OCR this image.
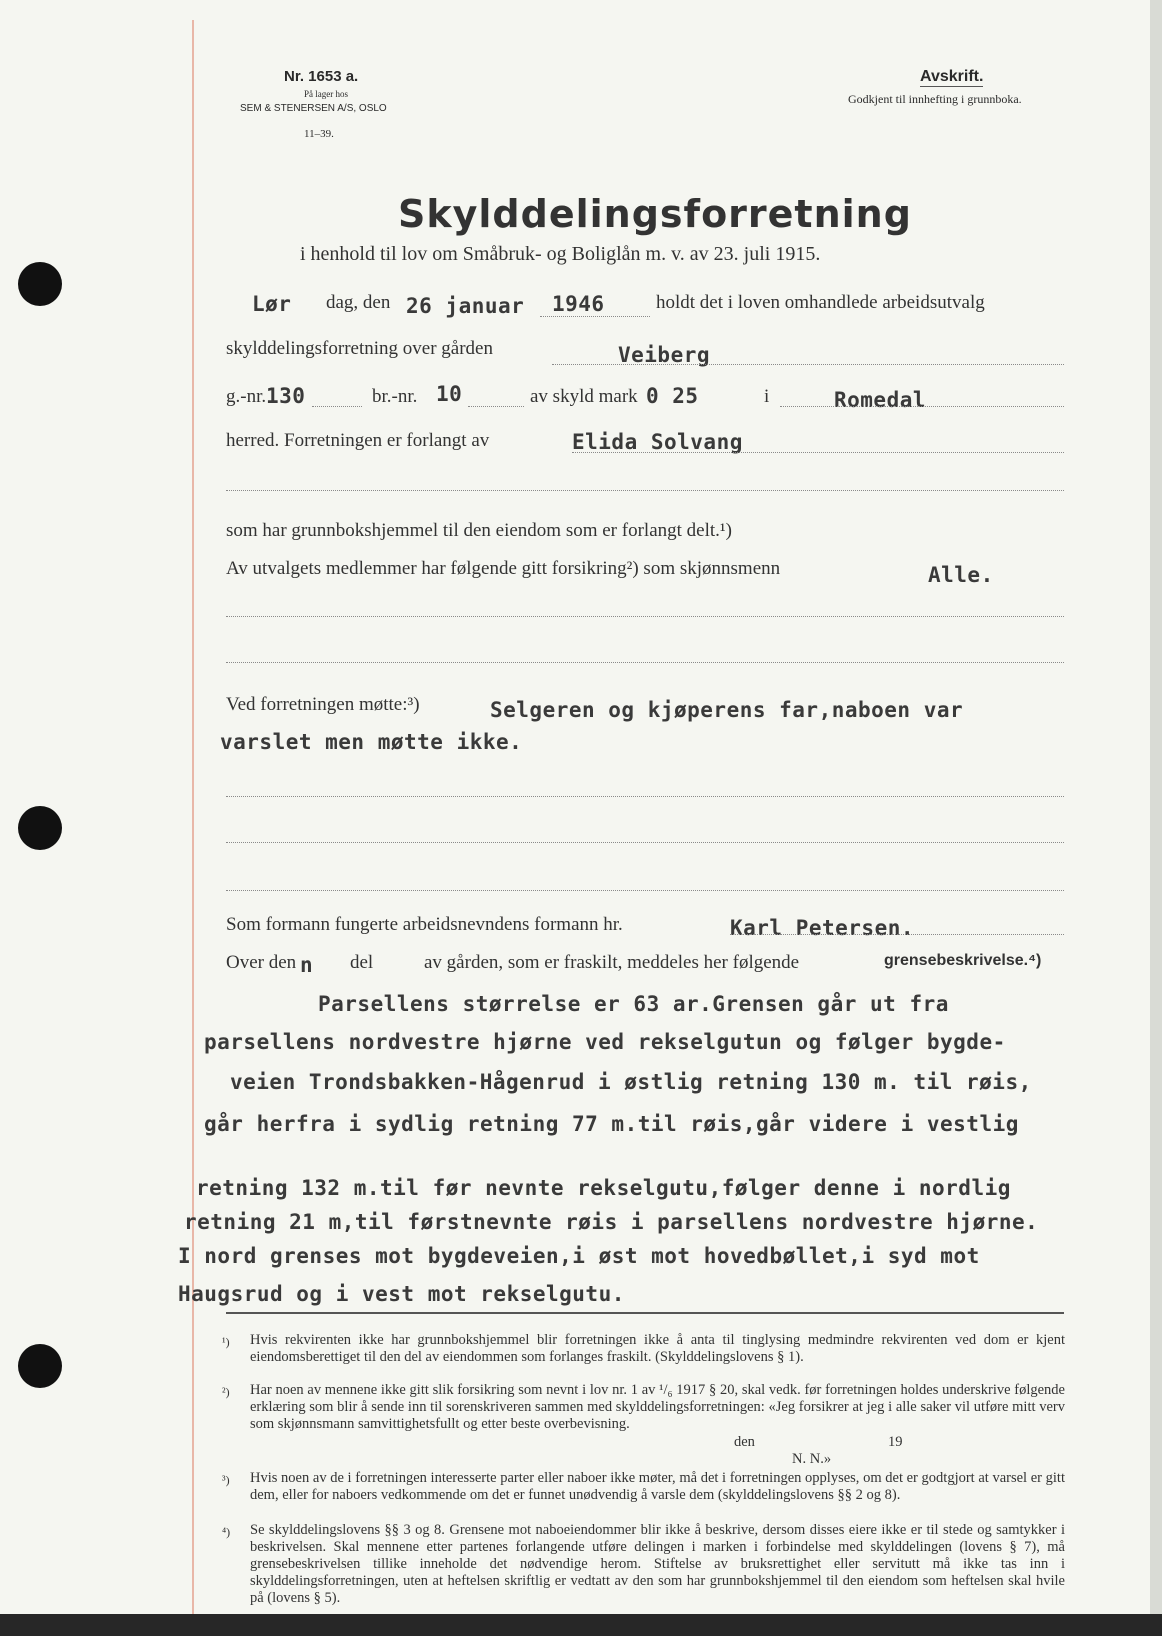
Nr. 1653 a.
På lager hos
SEM & STENERSEN A/S, OSLO
11–39.
Avskrift.
Godkjent til innhefting i grunnboka.
Skylddelingsforretning
i henhold til lov om Småbruk- og Boliglån m. v. av 23. juli 1915.
Lør dag, den 26 januar 1946	holdt det i loven omhandlede arbeidsutvalg
skylddelingsforretning over gården	Veiberg
g.-nr. 130	br.-nr. 10	av skyld mark 0 25	i	Romedal
herred. Forretningen er forlangt av	Elida Solvang
som har grunnbokshjemmel til den eiendom som er forlangt delt.¹)
Av utvalgets medlemmer har følgende gitt forsikring²) som skjønnsmenn	Alle.
Ved forretningen møtte:³)	Selgeren og kjøperens far,naboen var
varslet men møtte ikke.
Som formann fungerte arbeidsnevndens formann hr.	Karl Petersen.
Over den n del	av gården, som er fraskilt, meddeles her følgende	grensebeskrivelse.⁴)
Parsellens størrelse er 63 ar.Grensen går ut fra
parsellens nordvestre hjørne ved rekselgutun og følger bygde-
veien Trondsbakken-Hågenrud i østlig retning 130 m. til røis,
går herfra i sydlig retning 77 m.til røis,går videre i vestlig
retning 132 m.til før nevnte rekselgutu,følger denne i nordlig
retning 21 m,til førstnevnte røis i parsellens nordvestre hjørne.
I nord grenses mot bygdeveien,i øst mot hovedbøllet,i syd mot
Haugsrud og i vest mot rekselgutu.
¹) Hvis rekvirenten ikke har grunnbokshjemmel blir forretningen ikke å anta til tinglysing medmindre rekvirenten ved dom er kjent eiendomsberettiget til den del av eiendommen som forlanges fraskilt. (Skylddelingslovens § 1).
²) Har noen av mennene ikke gitt slik forsikring som nevnt i lov nr. 1 av ¹/₆ 1917 § 20, skal vedk. før forretningen holdes underskrive følgende erklæring som blir å sende inn til sorenskriveren sammen med skylddelingsforretningen: «Jeg forsikrer at jeg i alle saker vil utføre mitt verv som skjønnsmann samvittighetsfullt og etter beste overbevisning.
den	19
N. N.»
³) Hvis noen av de i forretningen interesserte parter eller naboer ikke møter, må det i forretningen opplyses, om det er godtgjort at varsel er gitt dem, eller for naboers vedkommende om det er funnet unødvendig å varsle dem (skylddelingslovens §§ 2 og 8).
⁴) Se skylddelingslovens §§ 3 og 8. Grensene mot naboeiendommer blir ikke å beskrive, dersom disses eiere ikke er til stede og samtykker i beskrivelsen. Skal mennene etter partenes forlangende utføre delingen i marken i forbindelse med skylddelingen (lovens § 7), må grensebeskrivelsen tillike inneholde det nødvendige herom. Stiftelse av bruksrettighet eller servitutt må ikke tas inn i skylddelingsforretningen, uten at heftelsen skriftlig er vedtatt av den som har grunnbokshjemmel til den eiendom som heftelsen skal hvile på (lovens § 5).
